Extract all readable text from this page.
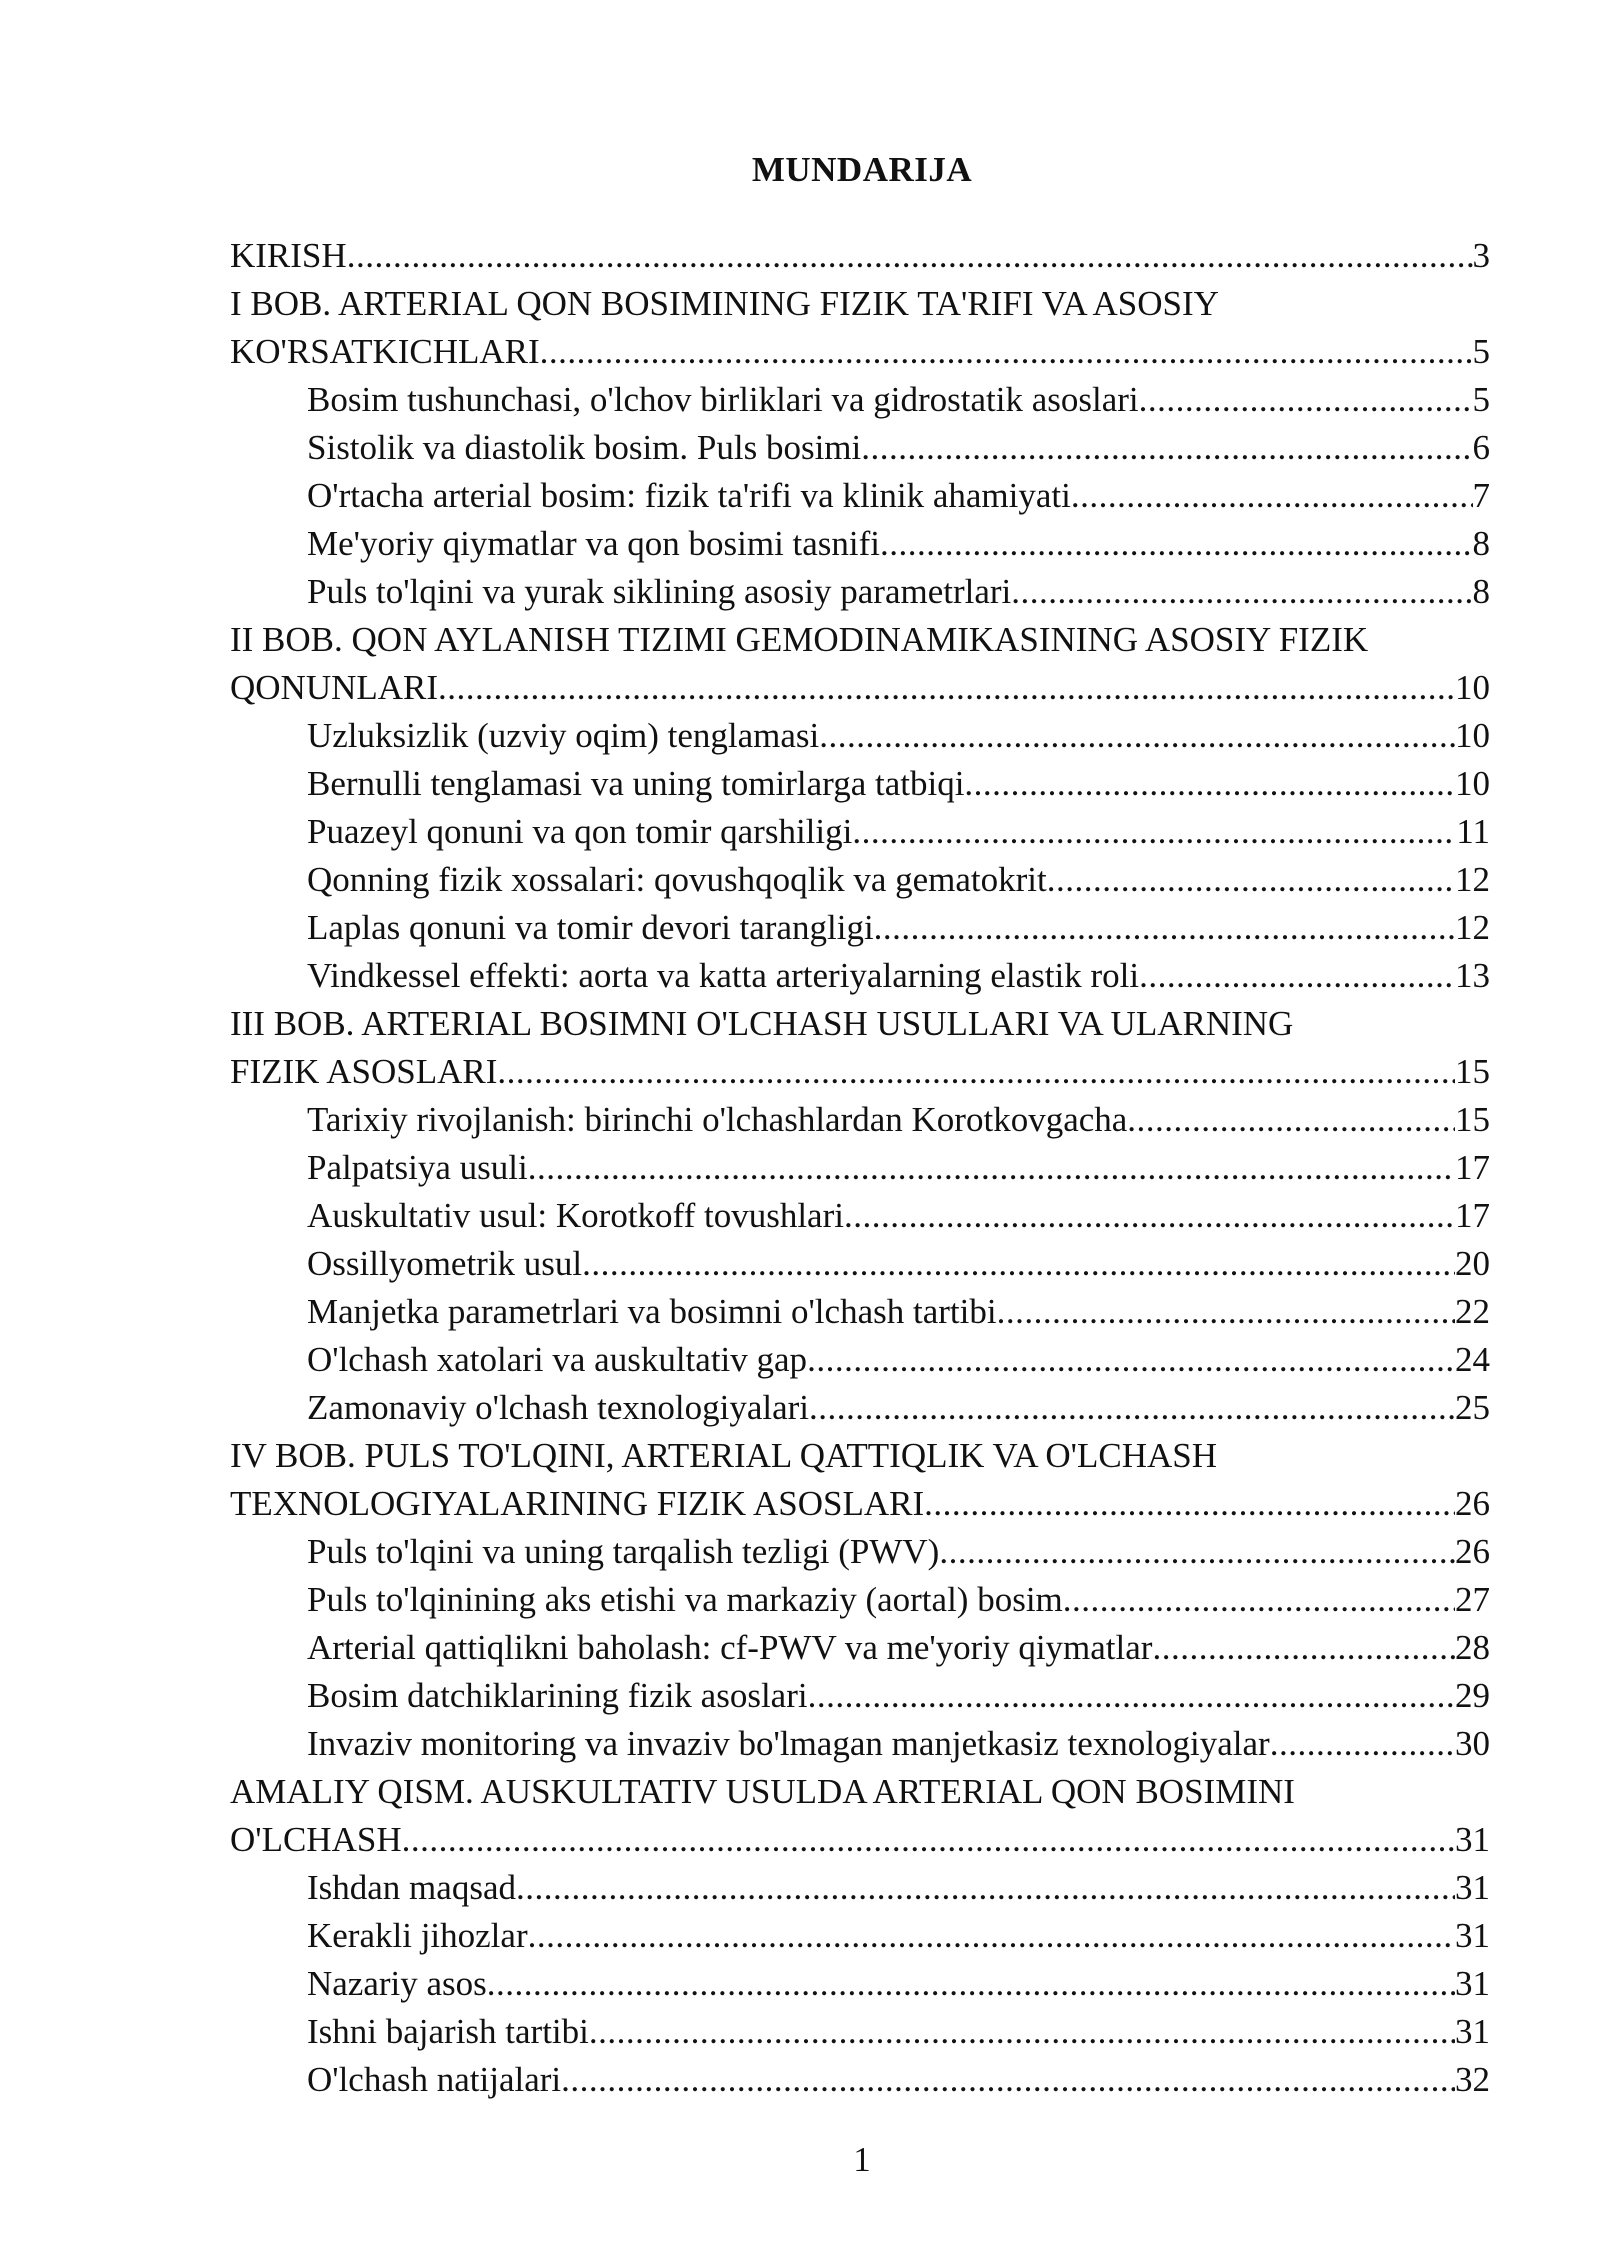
MUNDARIJA
KIRISH .....	3
I BOB. ARTERIAL QON BOSIMINING FIZIK TA'RIFI VA ASOSIY
KO'RSATKICHLARI .....	5
Bosim tushunchasi, o'lchov birliklari va gidrostatik asoslari .....	5
Sistolik va diastolik bosim. Puls bosimi .....	6
O'rtacha arterial bosim: fizik ta'rifi va klinik ahamiyati .....	7
Me'yoriy qiymatlar va qon bosimi tasnifi .....	8
Puls to'lqini va yurak siklining asosiy parametrlari .....	8
II BOB. QON AYLANISH TIZIMI GEMODINAMIKASINING ASOSIY FIZIK
QONUNLARI .....	10
Uzluksizlik (uzviy oqim) tenglamasi .....	10
Bernulli tenglamasi va uning tomirlarga tatbiqi .....	10
Puazeyl qonuni va qon tomir qarshiligi .....	11
Qonning fizik xossalari: qovushqoqlik va gematokrit .....	12
Laplas qonuni va tomir devori tarangligi .....	12
Vindkessel effekti: aorta va katta arteriyalarning elastik roli .....	13
III BOB. ARTERIAL BOSIMNI O'LCHASH USULLARI VA ULARNING
FIZIK ASOSLARI .....	15
Tarixiy rivojlanish: birinchi o'lchashlardan Korotkovgacha .....	15
Palpatsiya usuli .....	17
Auskultativ usul: Korotkoff tovushlari .....	17
Ossillyometrik usul .....	20
Manjetka parametrlari va bosimni o'lchash tartibi .....	22
O'lchash xatolari va auskultativ gap .....	24
Zamonaviy o'lchash texnologiyalari .....	25
IV BOB. PULS TO'LQINI, ARTERIAL QATTIQLIK VA O'LCHASH
TEXNOLOGIYALARINING FIZIK ASOSLARI .....	26
Puls to'lqini va uning tarqalish tezligi (PWV) .....	26
Puls to'lqinining aks etishi va markaziy (aortal) bosim .....	27
Arterial qattiqlikni baholash: cf-PWV va me'yoriy qiymatlar .....	28
Bosim datchiklarining fizik asoslari .....	29
Invaziv monitoring va invaziv bo'lmagan manjetkasiz texnologiyalar .....	30
AMALIY QISM. AUSKULTATIV USULDA ARTERIAL QON BOSIMINI
O'LCHASH .....	31
Ishdan maqsad .....	31
Kerakli jihozlar .....	31
Nazariy asos .....	31
Ishni bajarish tartibi .....	31
O'lchash natijalari .....	32
1
